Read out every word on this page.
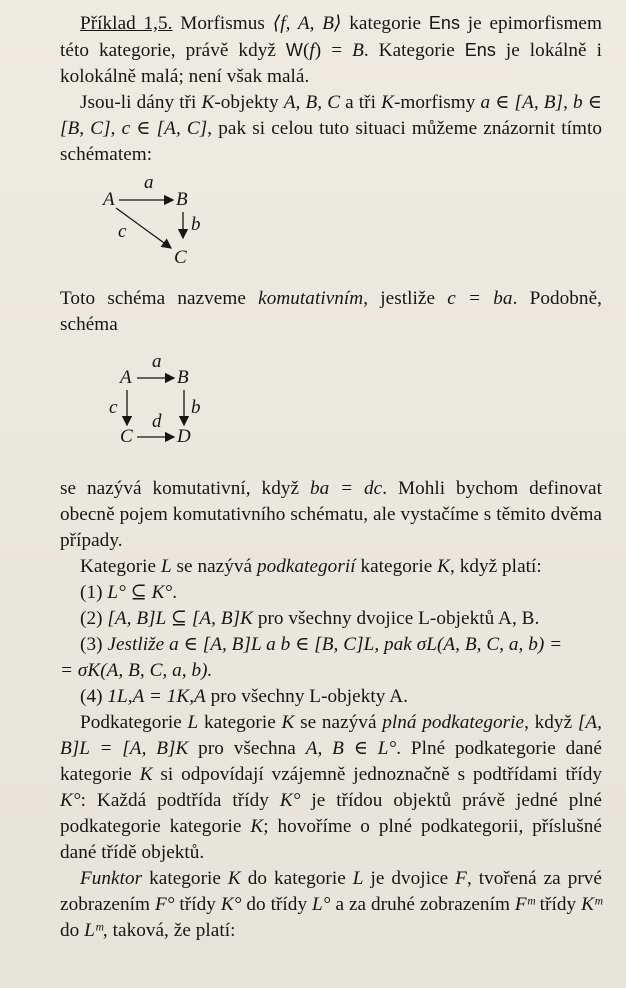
Příklad 1,5. Morfismus ⟨f, A, B⟩ kategorie Ens je epimorfismem této kategorie, právě když W(f) = B. Kategorie Ens je lokálně i kolokálně malá; není však malá.

Jsou-li dány tři K-objekty A, B, C a tři K-morfismy a ∈ [A, B], b ∈ [B, C], c ∈ [A, C], pak si celou tuto situaci můžeme znázornit tímto schématem:

A	B
C
a
b
c

Toto schéma nazveme komutativním, jestliže c = ba. Podobně, schéma

A B
C D
a
b
c
d

se nazývá komutativní, když ba = dc. Mohli bychom definovat obecně pojem komutativního schématu, ale vystačíme s těmito dvěma případy.

Kategorie L se nazývá podkategorií kategorie K, když platí:

(1) L° ⊆ K°.

(2) [A, B]L ⊆ [A, B]K pro všechny dvojice L-objektů A, B.

(3) Jestliže a ∈ [A, B]L a b ∈ [B, C]L, pak σL(A, B, C, a, b) =

= σK(A, B, C, a, b).

(4) 1L,A = 1K,A pro všechny L-objekty A.

Podkategorie L kategorie K se nazývá plná podkategorie, když [A, B]L = [A, B]K pro všechna A, B ∈ L°. Plné podkategorie dané kategorie K si odpovídají vzájemně jednoznačně s podtřídami třídy K°: Každá podtřída třídy K° je třídou objektů právě jedné plné podkategorie kategorie K; hovoříme o plné podkategorii, příslušné dané třídě objektů.

Funktor kategorie K do kategorie L je dvojice F, tvořená za prvé zobrazením F° třídy K° do třídy L° a za druhé zobrazením Fᵐ třídy Kᵐ do Lᵐ, taková, že platí:
